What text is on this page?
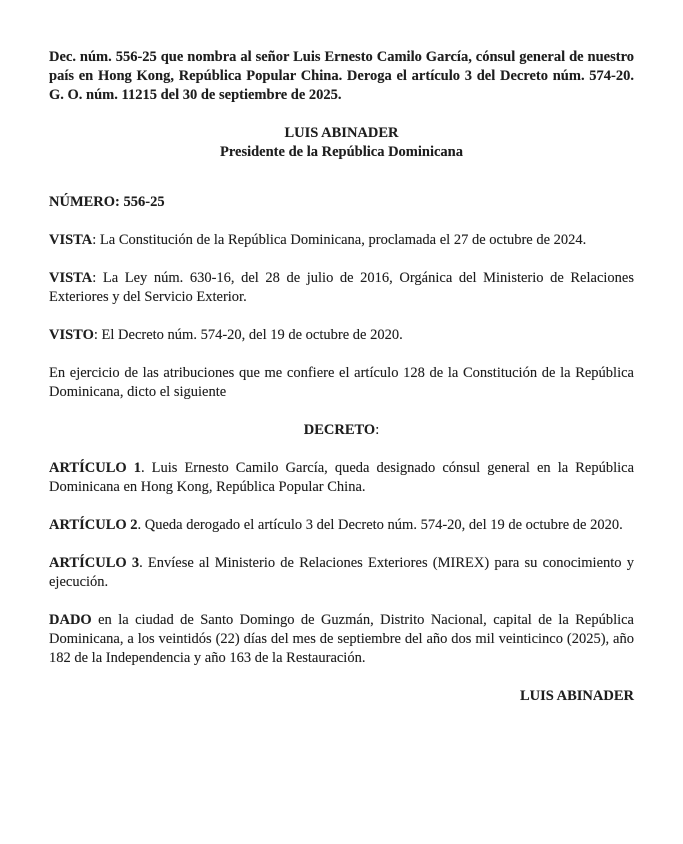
Dec. núm. 556-25 que nombra al señor Luis Ernesto Camilo García, cónsul general de nuestro país en Hong Kong, República Popular China. Deroga el artículo 3 del Decreto núm. 574-20. G. O. núm. 11215 del 30 de septiembre de 2025.

LUIS ABINADER

Presidente de la República Dominicana

NÚMERO: 556-25

VISTA: La Constitución de la República Dominicana, proclamada el 27 de octubre de 2024.

VISTA: La Ley núm. 630-16, del 28 de julio de 2016, Orgánica del Ministerio de Relaciones Exteriores y del Servicio Exterior.

VISTO: El Decreto núm. 574-20, del 19 de octubre de 2020.

En ejercicio de las atribuciones que me confiere el artículo 128 de la Constitución de la República Dominicana, dicto el siguiente

DECRETO:

ARTÍCULO 1. Luis Ernesto Camilo García, queda designado cónsul general en la República Dominicana en Hong Kong, República Popular China.

ARTÍCULO 2. Queda derogado el artículo 3 del Decreto núm. 574-20, del 19 de octubre de 2020.

ARTÍCULO 3. Envíese al Ministerio de Relaciones Exteriores (MIREX) para su conocimiento y ejecución.

DADO en la ciudad de Santo Domingo de Guzmán, Distrito Nacional, capital de la República Dominicana, a los veintidós (22) días del mes de septiembre del año dos mil veinticinco (2025), año 182 de la Independencia y año 163 de la Restauración.

LUIS ABINADER
